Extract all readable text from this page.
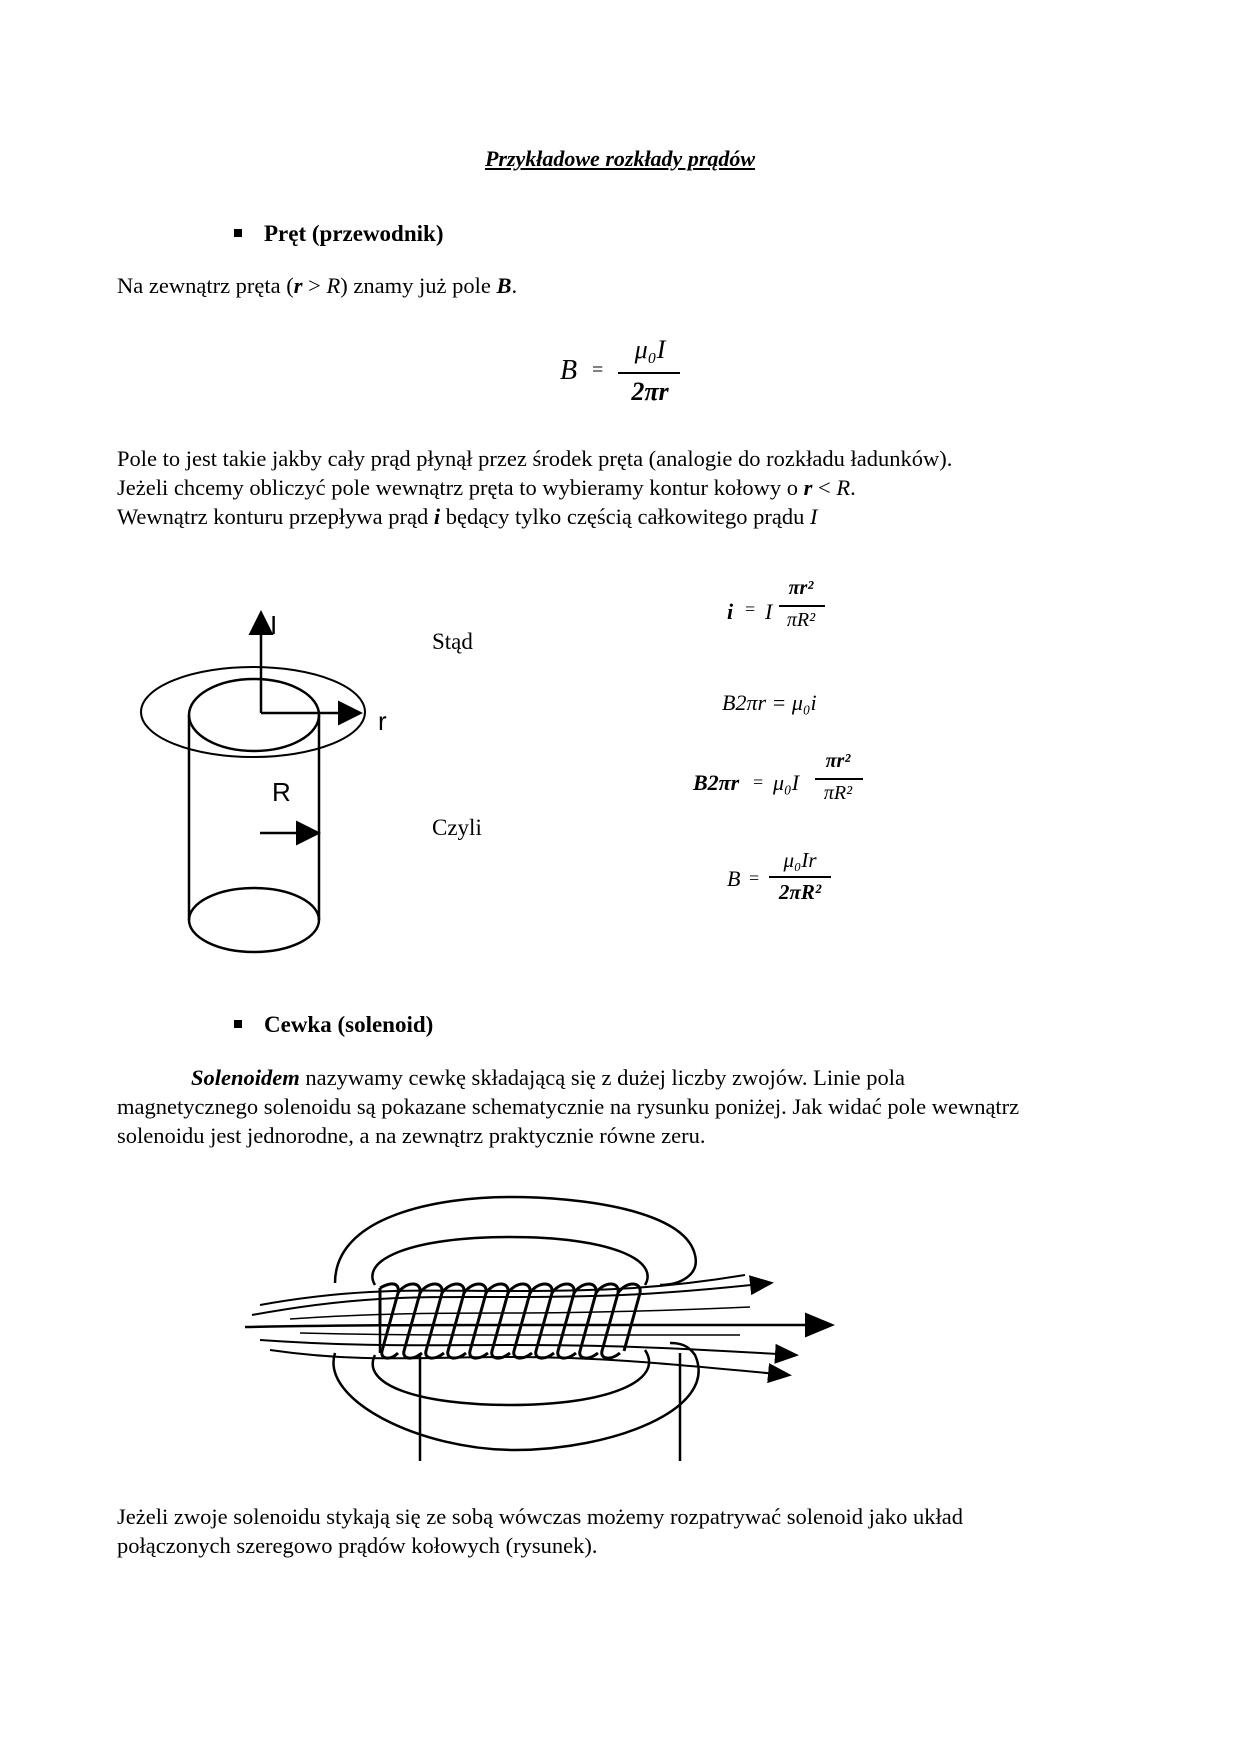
Przykładowe rozkłady prądów
Pręt (przewodnik)
Na zewnątrz pręta (r > R) znamy już pole B.
B =
μ₀I
2πr
Pole to jest takie jakby cały prąd płynął przez środek pręta (analogie do rozkładu ładunków).
Jeżeli chcemy obliczyć pole wewnątrz pręta to wybieramy kontur kołowy o r < R.
Wewnątrz konturu przepływa prąd i będący tylko częścią całkowitego prądu I
I
r
R
Stąd
Czyli
i = I
πr²
πR²
B2πr = μ₀i
B2πr = μ₀I
πr²
πR²
B =
μ₀Ir
2πR²
Cewka (solenoid)
Solenoidem nazywamy cewkę składającą się z dużej liczby zwojów. Linie pola
magnetycznego solenoidu są pokazane schematycznie na rysunku poniżej. Jak widać pole wewnątrz
solenoidu jest jednorodne, a na zewnątrz praktycznie równe zeru.
Jeżeli zwoje solenoidu stykają się ze sobą wówczas możemy rozpatrywać solenoid jako układ
połączonych szeregowo prądów kołowych (rysunek).
